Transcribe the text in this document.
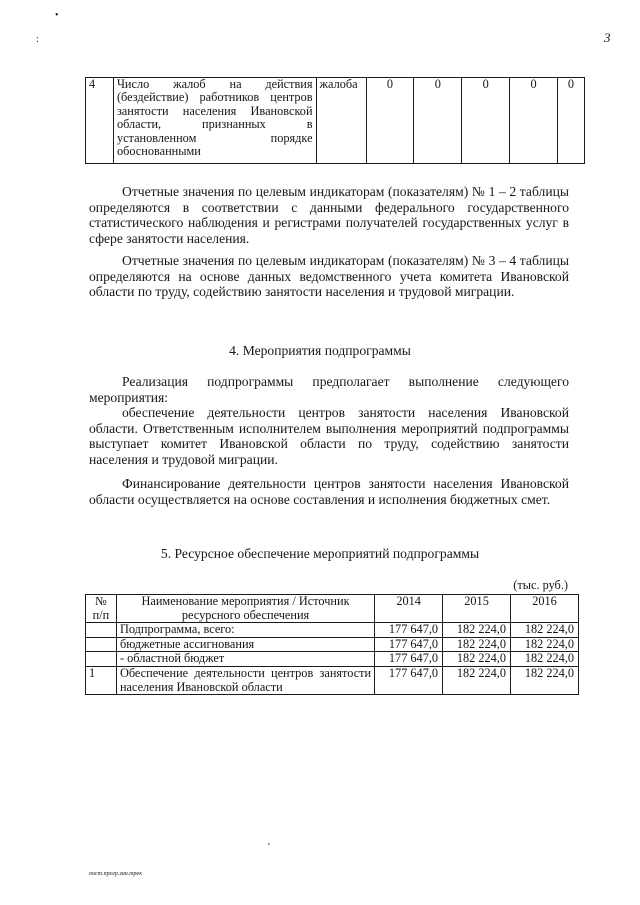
•
:	3
4	Число жалоб на действия (бездействие) работников центров занятости населения Ивановской области, признанных в установленном порядке обоснованными	жалоба	0	0	0	0	0

Отчетные значения по целевым индикаторам (показателям) № 1 – 2 таблицы определяются в соответствии с данными федерального государственного статистического наблюдения и регистрами получателей государственных услуг в сфере занятости населения.

Отчетные значения по целевым индикаторам (показателям) № 3 – 4 таблицы определяются на основе данных ведомственного учета комитета Ивановской области по труду, содействию занятости населения и трудовой миграции.

4. Мероприятия подпрограммы

Реализация подпрограммы предполагает выполнение следующего мероприятия:

обеспечение деятельности центров занятости населения Ивановской области. Ответственным исполнителем выполнения мероприятий подпрограммы выступает комитет Ивановской области по труду, содействию занятости населения и трудовой миграции.

Финансирование деятельности центров занятости населения Ивановской области осуществляется на основе составления и исполнения бюджетных смет.

5. Ресурсное обеспечение мероприятий подпрограммы
(тыс. руб.)
№ п/п	Наименование мероприятия / Источник ресурсного обеспечения	2014	2015	2016
	Подпрограмма, всего:	177 647,0	182 224,0	182 224,0
	бюджетные ассигнования	177 647,0	182 224,0	182 224,0
	- областной бюджет	177 647,0	182 224,0	182 224,0
1	Обеспечение деятельности центров занятости населения Ивановской области	177 647,0	182 224,0	182 224,0
'
пост.прогр.зан.трек
